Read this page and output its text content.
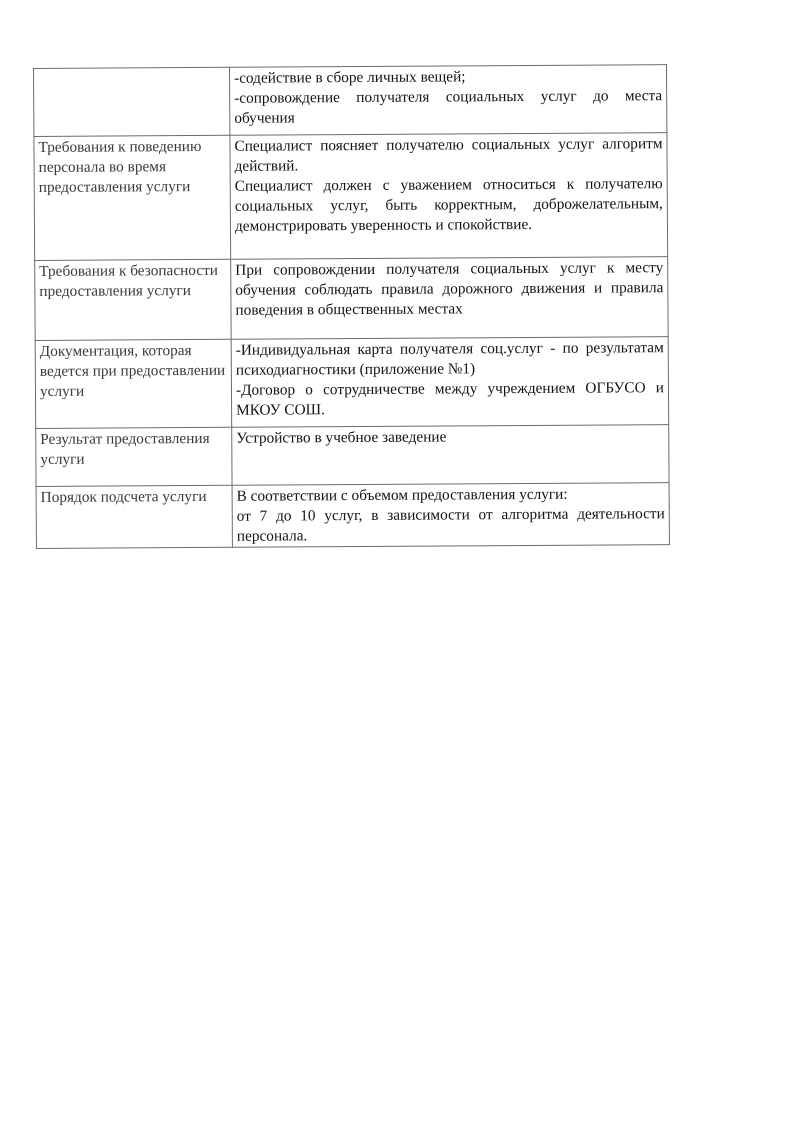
	-содействие в сборе личных вещей;

-сопровождение получателя социальных услуг до места обучения

Требования к поведению персонала во время предоставления услуги	Специалист поясняет получателю социальных услуг алгоритм действий.

Специалист должен с уважением относиться к получателю социальных услуг, быть корректным, доброжелательным, демонстрировать уверенность и спокойствие.

Требования к безопасности предоставления услуги	При сопровождении получателя социальных услуг к месту обучения соблюдать правила дорожного движения и правила поведения в общественных местах

Документация, которая ведется при предоставлении услуги	-Индивидуальная карта получателя соц.услуг - по результатам психодиагностики (приложение №1)

-Договор о сотрудничестве между учреждением ОГБУСО и МКОУ СОШ.

Результат предоставления услуги	Устройство в учебное заведение

Порядок подсчета услуги	В соответствии с объемом предоставления услуги:

от 7 до 10 услуг, в зависимости от алгоритма деятельности персонала.
